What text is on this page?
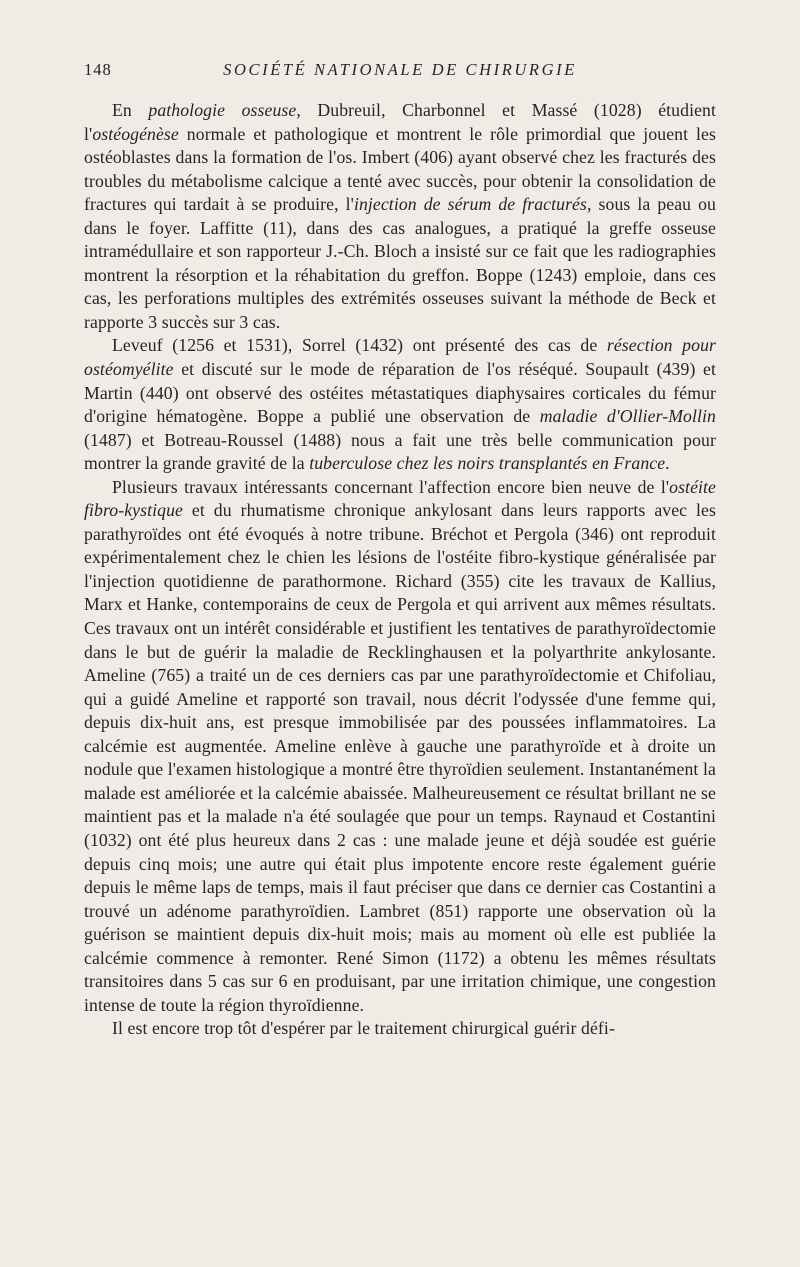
148	SOCIÉTÉ NATIONALE DE CHIRURGIE

En pathologie osseuse, Dubreuil, Charbonnel et Massé (1028) étudient l'ostéogénèse normale et pathologique et montrent le rôle primordial que jouent les ostéoblastes dans la formation de l'os. Imbert (406) ayant observé chez les fracturés des troubles du métabolisme calcique a tenté avec succès, pour obtenir la consolidation de fractures qui tardait à se produire, l'injection de sérum de fracturés, sous la peau ou dans le foyer. Laffitte (11), dans des cas analogues, a pratiqué la greffe osseuse intramédullaire et son rapporteur J.-Ch. Bloch a insisté sur ce fait que les radiographies montrent la résorption et la réhabitation du greffon. Boppe (1243) emploie, dans ces cas, les perforations multiples des extrémités osseuses suivant la méthode de Beck et rapporte 3 succès sur 3 cas.

Leveuf (1256 et 1531), Sorrel (1432) ont présenté des cas de résection pour ostéomyélite et discuté sur le mode de réparation de l'os réséqué. Soupault (439) et Martin (440) ont observé des ostéites métastatiques diaphysaires corticales du fémur d'origine hématogène. Boppe a publié une observation de maladie d'Ollier-Mollin (1487) et Botreau-Roussel (1488) nous a fait une très belle communication pour montrer la grande gravité de la tuberculose chez les noirs transplantés en France.

Plusieurs travaux intéressants concernant l'affection encore bien neuve de l'ostéite fibro-kystique et du rhumatisme chronique ankylosant dans leurs rapports avec les parathyroïdes ont été évoqués à notre tribune. Bréchot et Pergola (346) ont reproduit expérimentalement chez le chien les lésions de l'ostéite fibro-kystique généralisée par l'injection quotidienne de parathormone. Richard (355) cite les travaux de Kallius, Marx et Hanke, contemporains de ceux de Pergola et qui arrivent aux mêmes résultats. Ces travaux ont un intérêt considérable et justifient les tentatives de parathyroïdectomie dans le but de guérir la maladie de Recklinghausen et la polyarthrite ankylosante. Ameline (765) a traité un de ces derniers cas par une parathyroïdectomie et Chifoliau, qui a guidé Ameline et rapporté son travail, nous décrit l'odyssée d'une femme qui, depuis dix-huit ans, est presque immobilisée par des poussées inflammatoires. La calcémie est augmentée. Ameline enlève à gauche une parathyroïde et à droite un nodule que l'examen histologique a montré être thyroïdien seulement. Instantanément la malade est améliorée et la calcémie abaissée. Malheureusement ce résultat brillant ne se maintient pas et la malade n'a été soulagée que pour un temps. Raynaud et Costantini (1032) ont été plus heureux dans 2 cas : une malade jeune et déjà soudée est guérie depuis cinq mois; une autre qui était plus impotente encore reste également guérie depuis le même laps de temps, mais il faut préciser que dans ce dernier cas Costantini a trouvé un adénome parathyroïdien. Lambret (851) rapporte une observation où la guérison se maintient depuis dix-huit mois; mais au moment où elle est publiée la calcémie commence à remonter. René Simon (1172) a obtenu les mêmes résultats transitoires dans 5 cas sur 6 en produisant, par une irritation chimique, une congestion intense de toute la région thyroïdienne.

Il est encore trop tôt d'espérer par le traitement chirurgical guérir défi-
